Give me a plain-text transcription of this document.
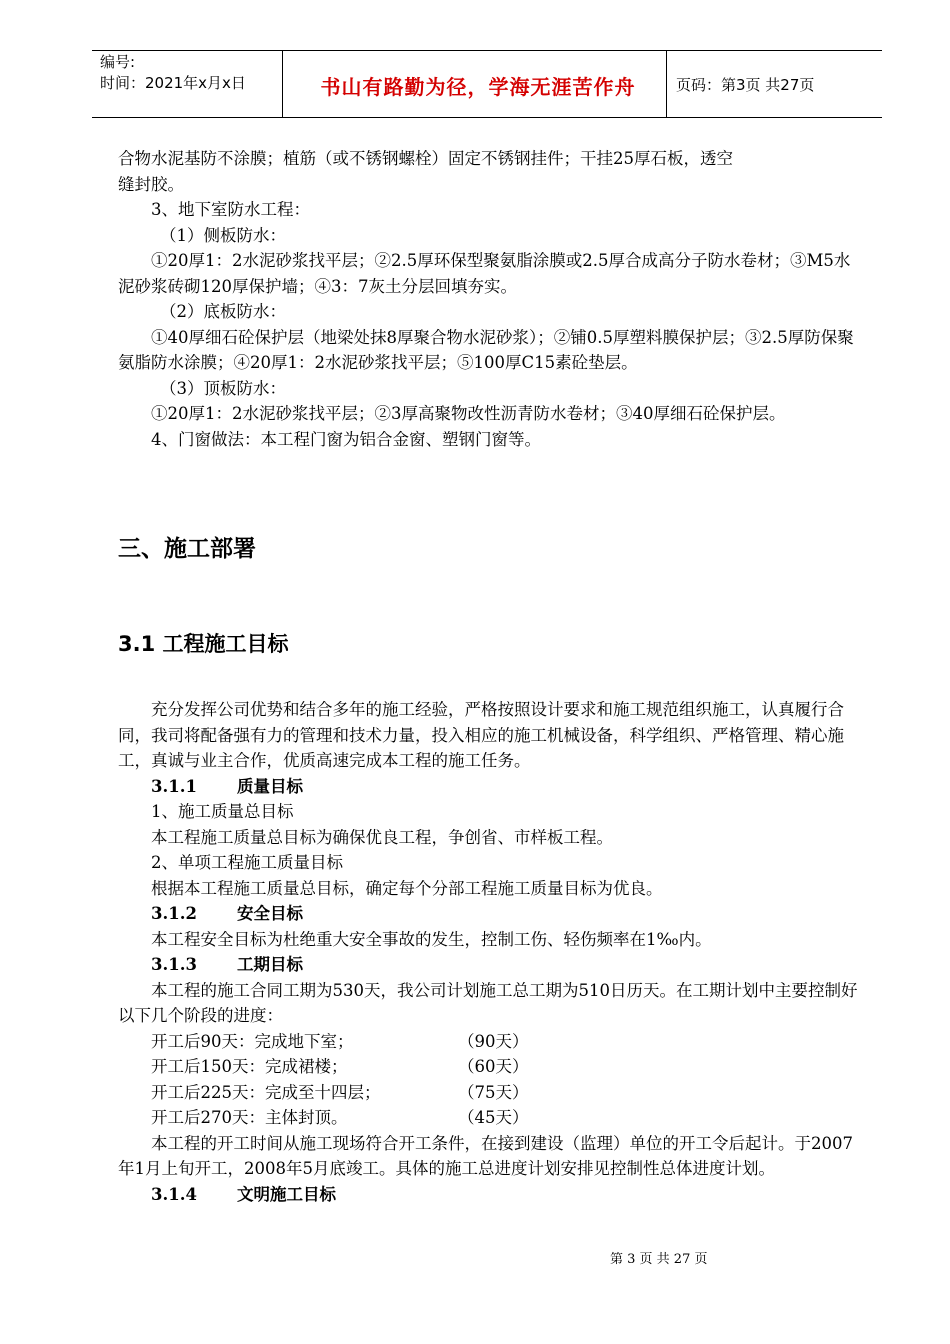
编号:
时间：2021年x月x日	书山有路勤为径，学海无涯苦作舟	页码：第3页 共27页

合物水泥基防不涂膜；植筋（或不锈钢螺栓）固定不锈钢挂件；干挂25厚石板，透空

缝封胶。

3、地下室防水工程：

（1）侧板防水：

①20厚1：2水泥砂浆找平层；②2.5厚环保型聚氨脂涂膜或2.5厚合成高分子防水卷材；③M5水泥砂浆砖砌120厚保护墙；④3：7灰土分层回填夯实。

（2）底板防水：

①40厚细石砼保护层（地梁处抹8厚聚合物水泥砂浆）；②铺0.5厚塑料膜保护层；③2.5厚防保聚氨脂防水涂膜；④20厚1：2水泥砂浆找平层；⑤100厚C15素砼垫层。

（3）顶板防水：

①20厚1：2水泥砂浆找平层；②3厚高聚物改性沥青防水卷材；③40厚细石砼保护层。

4、门窗做法：本工程门窗为铝合金窗、塑钢门窗等。

三、施工部署
3.1 工程施工目标

充分发挥公司优势和结合多年的施工经验，严格按照设计要求和施工规范组织施工，认真履行合同，我司将配备强有力的管理和技术力量，投入相应的施工机械设备，科学组织、严格管理、精心施工，真诚与业主合作，优质高速完成本工程的施工任务。

3.1.1 质量目标

1、施工质量总目标

本工程施工质量总目标为确保优良工程，争创省、市样板工程。

2、单项工程施工质量目标

根据本工程施工质量总目标，确定每个分部工程施工质量目标为优良。

3.1.2 安全目标

本工程安全目标为杜绝重大安全事故的发生，控制工伤、轻伤频率在1‰内。

3.1.3 工期目标

本工程的施工合同工期为530天，我公司计划施工总工期为510日历天。在工期计划中主要控制好以下几个阶段的进度：

开工后90天：完成地下室；	（90天）

开工后150天：完成裙楼；	（60天）

开工后225天：完成至十四层；	（75天）

开工后270天：主体封顶。	（45天）

本工程的开工时间从施工现场符合开工条件，在接到建设（监理）单位的开工令后起计。于2007年1月上旬开工，2008年5月底竣工。具体的施工总进度计划安排见控制性总体进度计划。

3.1.4 文明施工目标

第 3 页 共 27 页
